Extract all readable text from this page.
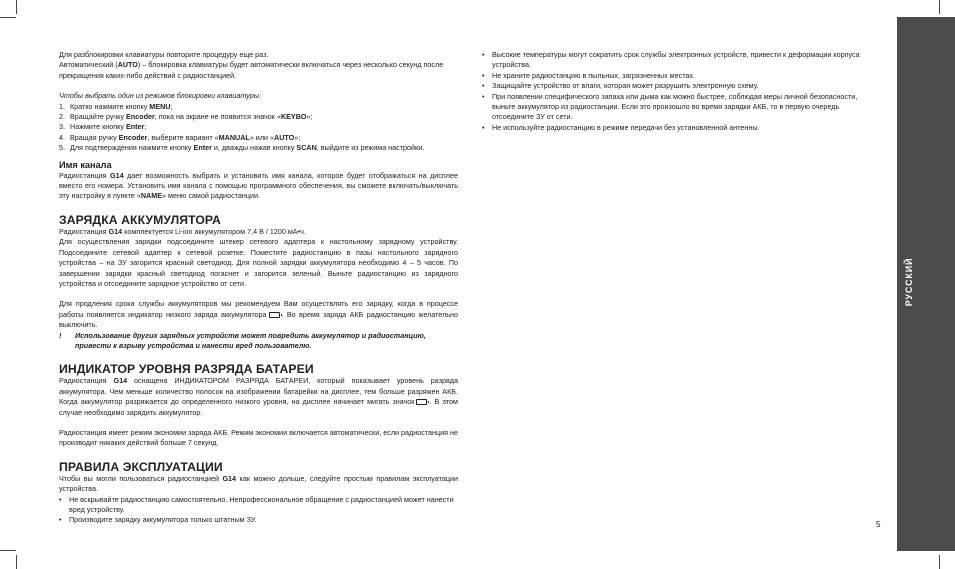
Для разблокировки клавиатуры повторите процедуру еще раз.

Автоматический (AUTO) – блокировка клавиатуры будет автоматически включаться через несколько секунд после прекращения каких-либо действий с радиостанцией.

Чтобы выбрать один из режимов блокировки клавиатуры:

1. Кратко нажмите кнопку MENU;
2. Вращайте ручку Encoder, пока на экране не появится значок «KEYBO»;
3. Нажмите кнопку Enter;
4. Вращая ручку Encoder, выберите вариант «MANUAL» или «AUTO»;
5. Для подтверждения нажмите кнопку Enter и, дважды нажав кнопку SCAN, выйдите из режима настройки.
Имя канала

Радиостанция G14 дает возможность выбрать и установить имя канала, которое будет отображаться на дисплее вместо его номера. Установить имя канала с помощью программного обеспечения, вы сможете включать/выключать эту настройку в пункте «NAME» меню самой радиостанции.

ЗАРЯДКА АККУМУЛЯТОРА

Радиостанция G14 комплектуется Li-ion аккумулятором 7,4 В / 1200 мА•ч.

Для осуществления зарядки подсоедините штекер сетевого адаптера к настольному зарядному устройству. Подсоедините сетевой адаптер к сетевой розетке. Поместите радиостанцию в пазы настольного зарядного устройства – на ЗУ загорится красный светодиод. Для полной зарядки аккумулятора необходимо 4 – 5 часов. По завершении зарядки красный светодиод погаснет и загорится зеленый. Выньте радиостанцию из зарядного устройства и отсоедините зарядное устройство от сети.

Для продления срока службы аккумуляторов мы рекомендуем Вам осуществлять его зарядку, когда в процессе работы появляется индикатор низкого заряда аккумулятора . Во время заряда АКБ радиостанцию желательно выключить.

!	Использование других зарядных устройств может повредить аккумулятор и радиостанцию, привести к взрыву устройства и нанести вред пользователю.
ИНДИКАТОР УРОВНЯ РАЗРЯДА БАТАРЕИ

Радиостанция G14 оснащена ИНДИКАТОРОМ РАЗРЯДА БАТАРЕИ, который показывает уровень разряда аккумулятора. Чем меньше количество полосок на изображении батарейки на дисплее, тем больше разряжен АКБ. Когда аккумулятор разряжается до определенного низкого уровня, на дисплее начинает мигать значок . В этом случае необходимо зарядить аккумулятор.

Радиостанция имеет режим экономии заряда АКБ. Режим экономии включается автоматически, если радиостанция не производит никаких действий больше 7 секунд.

ПРАВИЛА ЭКСПЛУАТАЦИИ

Чтобы вы могли пользоваться радиостанцией G14 как можно дольше, следуйте простым правилам эксплуатации устройства.

•	Не вскрывайте радиостанцию самостоятельно. Непрофессиональное обращение с радиостанцией может нанести вред устройству.
•	Производите зарядку аккумулятора только штатным ЗУ.
•	Высокие температуры могут сократить срок службы электронных устройств, привести к деформации корпуса устройства.
•	Не храните радиостанцию в пыльных, загрязненных местах.
•	Защищайте устройство от влаги, которая может разрушить электронную схему.
•	При появлении специфического запаха или дыма как можно быстрее, соблюдая меры личной безопасности, выньте аккумулятор из радиостанции. Если это произошло во время зарядки АКБ, то в первую очередь отсоедините ЗУ от сети.
•	Не используйте радиостанцию в режиме передачи без установленной антенны.
РУССКИЙ
5
